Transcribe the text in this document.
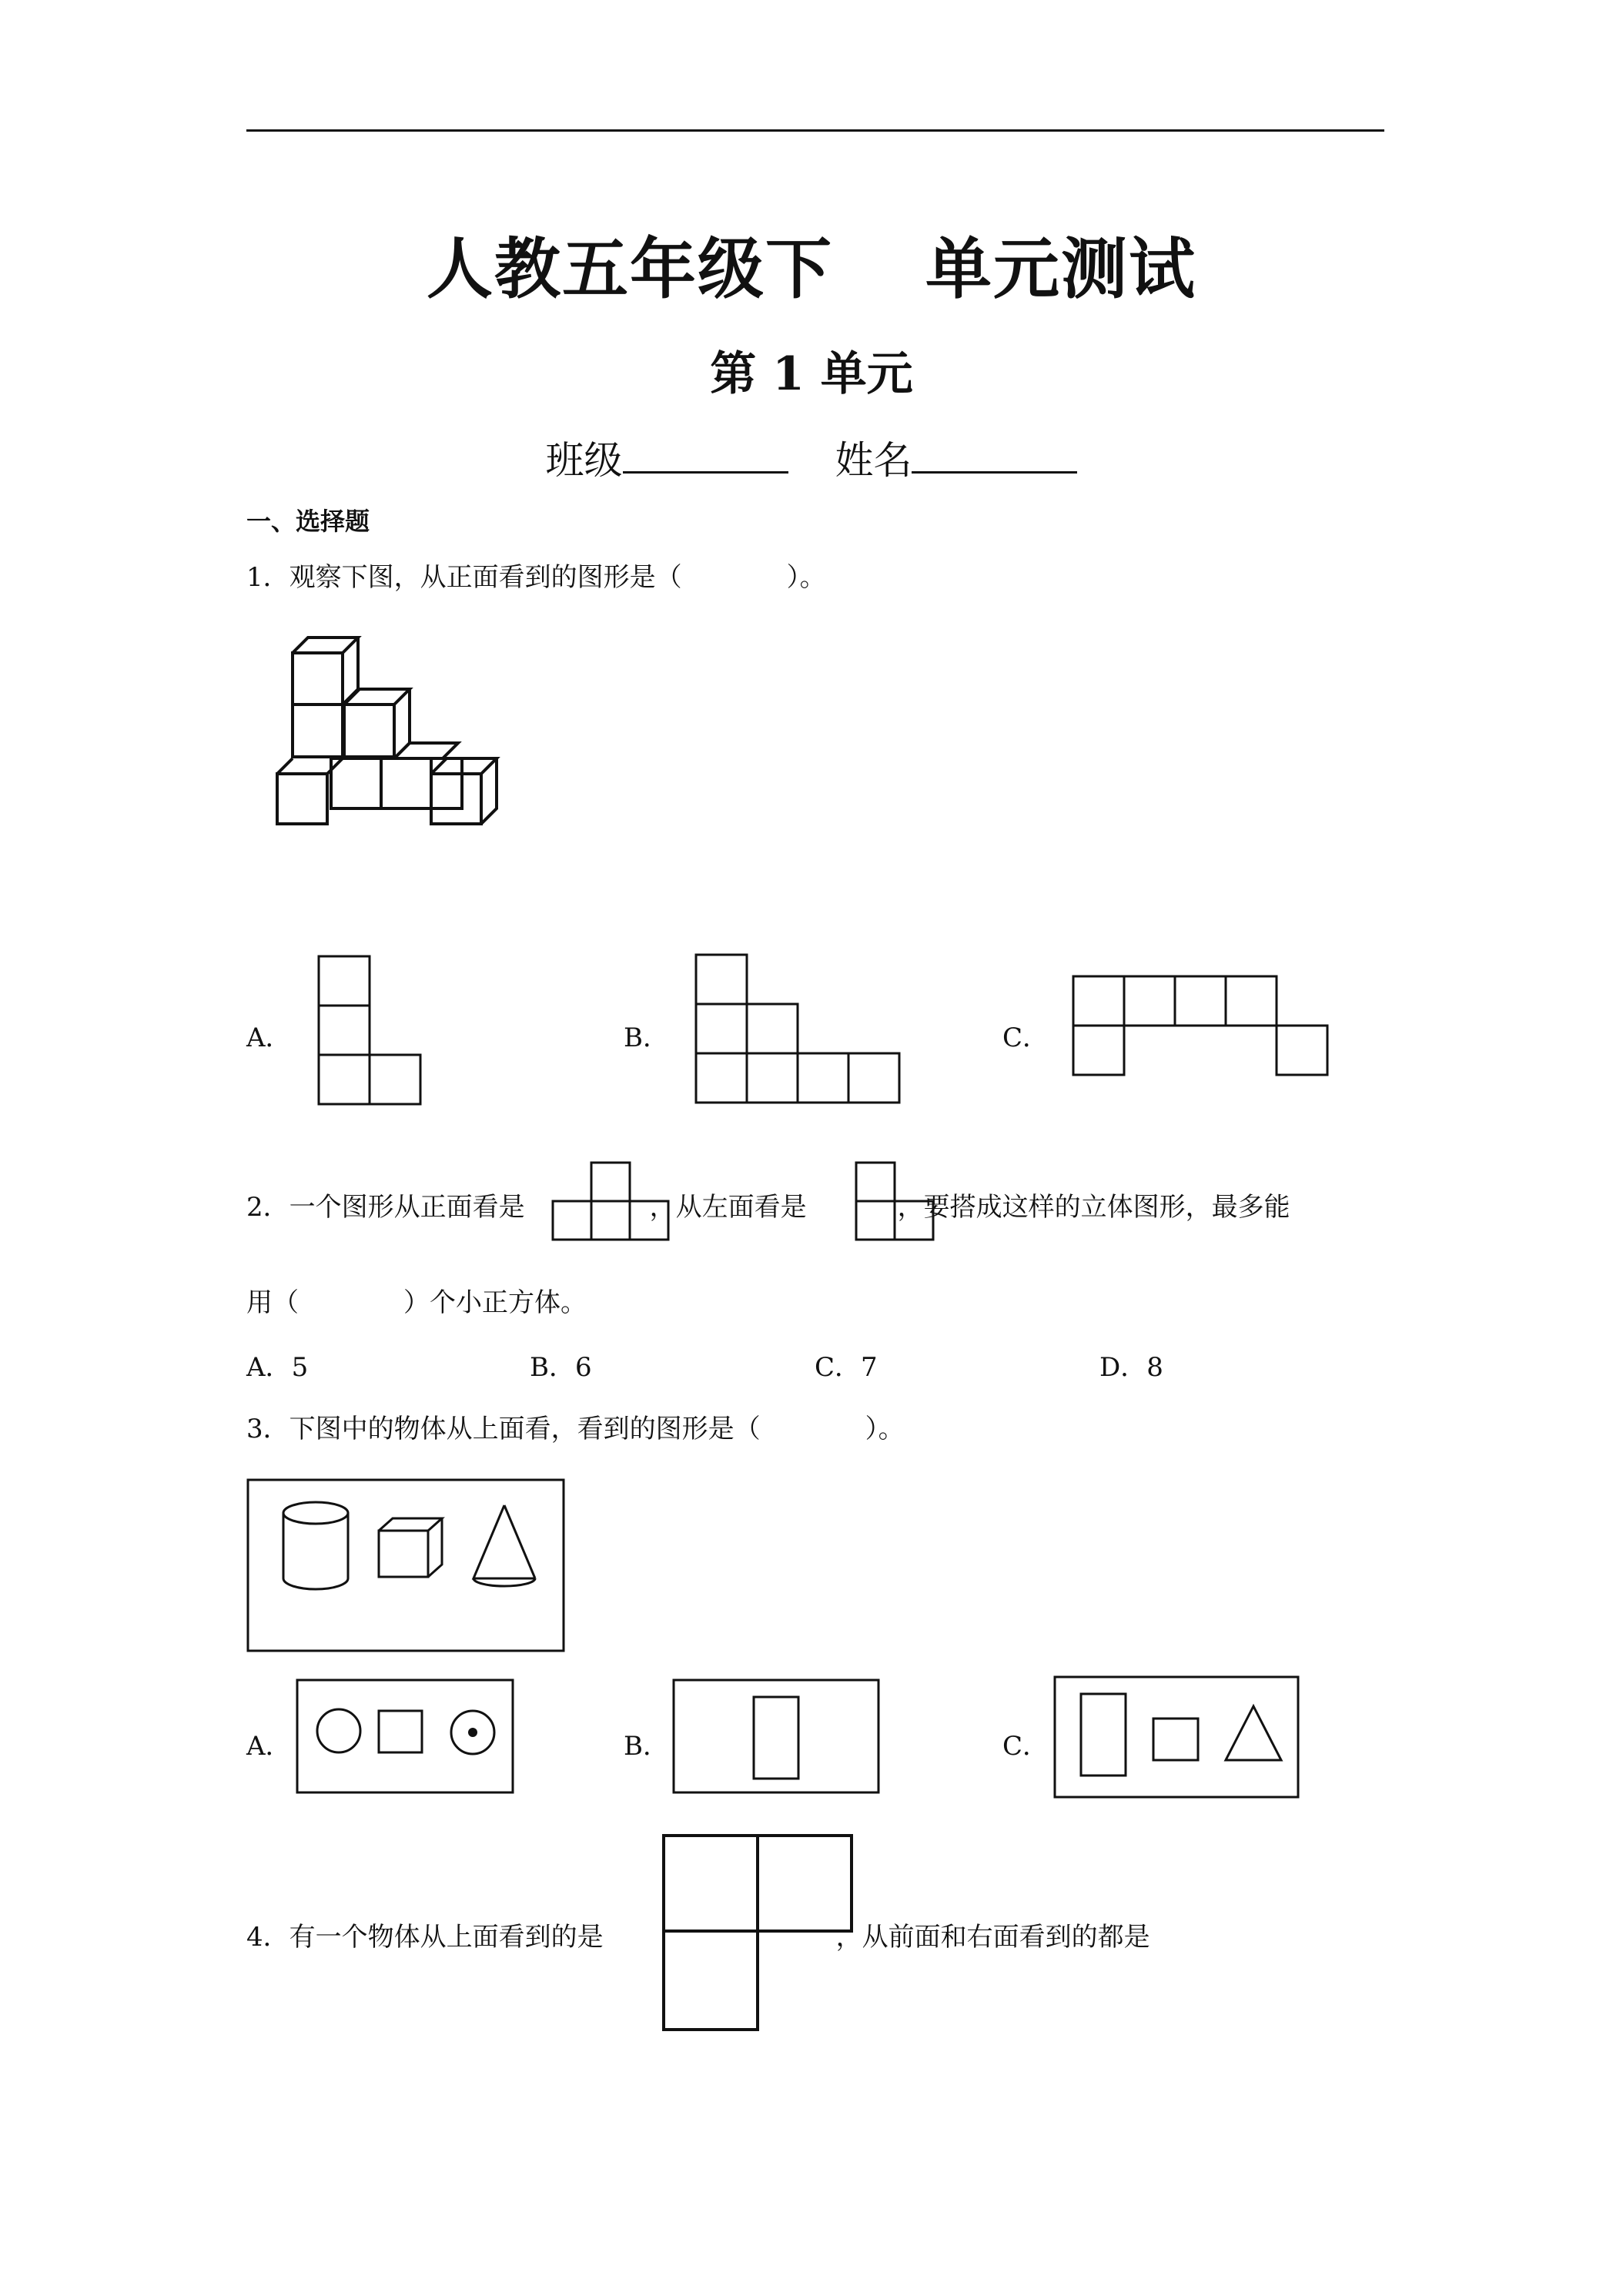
人教五年级下 单元测试
第 1 单元
班级	姓名
一、选择题
1．观察下图，从正面看到的图形是（　　　　）。
A．	B．	C．
2．一个图形从正面看是	，从左面看是	，要搭成这样的立体图形，最多能
用（　　　　）个小正方体。
A．5	B．6	C．7	D．8
3．下图中的物体从上面看，看到的图形是（　　　　）。
A．	B．	C．
4．有一个物体从上面看到的是	，从前面和右面看到的都是
